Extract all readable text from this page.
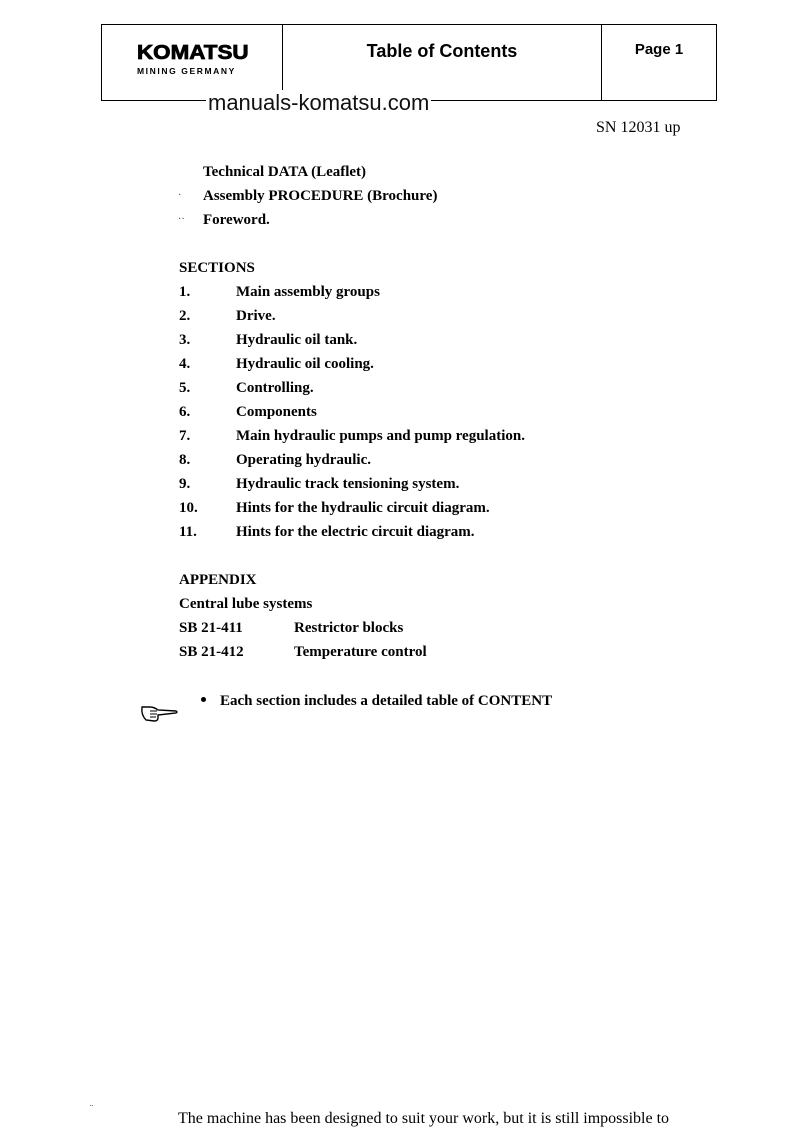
KOMATSU
MINING GERMANY
Table of Contents	Page 1
manuals-komatsu.com
SN 12031 up
Technical DATA (Leaflet)
· Assembly PROCEDURE (Brochure)
·· Foreword.
SECTIONS
1.	Main assembly groups
2.	Drive.
3.	Hydraulic oil tank.
4.	Hydraulic oil cooling.
5.	Controlling.
6.	Components
7.	Main hydraulic pumps and pump regulation.
8.	Operating hydraulic.
9.	Hydraulic track tensioning system.
10.	Hints for the hydraulic circuit diagram.
11.	Hints for the electric circuit diagram.
APPENDIX
Central lube systems
SB 21-411	Restrictor blocks
SB 21-412	Temperature control
Each section includes a detailed table of CONTENT
¨
The machine has been designed to suit your work, but it is still impossible to
